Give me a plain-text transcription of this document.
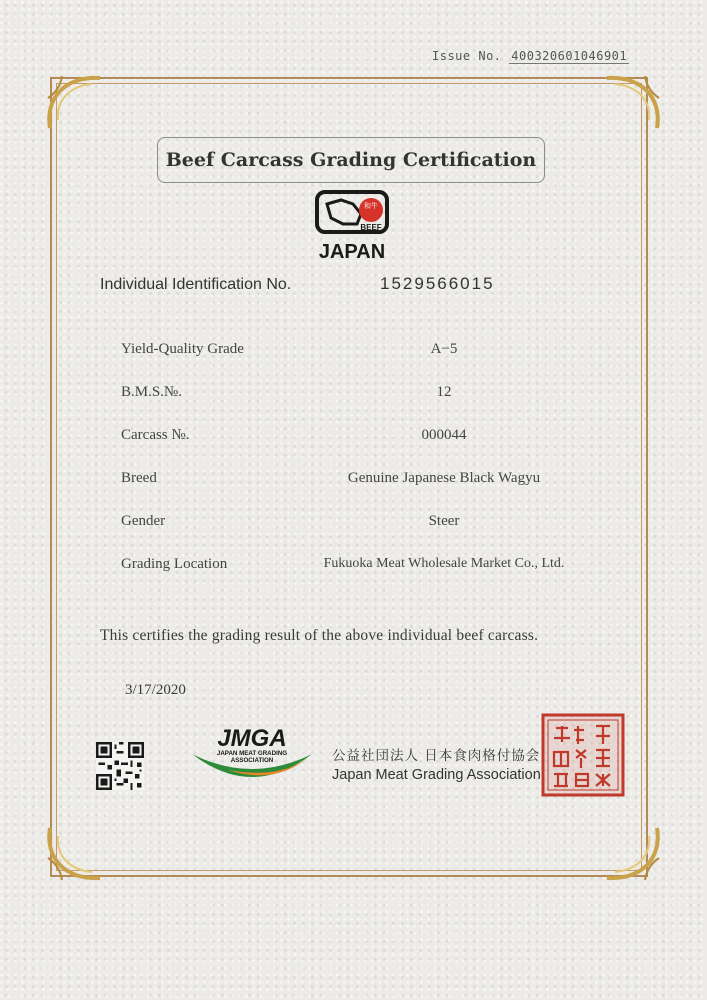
Issue No. 400320601046901
Beef Carcass Grading Certification
和牛
BEEF
JAPAN
Individual Identification No.	1529566015
Yield-Quality Grade	A−5
B.M.S.№.	12
Carcass №.	000044
Breed	Genuine Japanese Black Wagyu
Gender	Steer
Grading Location	Fukuoka Meat Wholesale Market Co., Ltd.
This certifies the grading result of the above individual beef carcass.
3/17/2020
JMGA
JAPAN MEAT GRADING
ASSOCIATION	公益社団法人 日本食肉格付協会
Japan Meat Grading Association
